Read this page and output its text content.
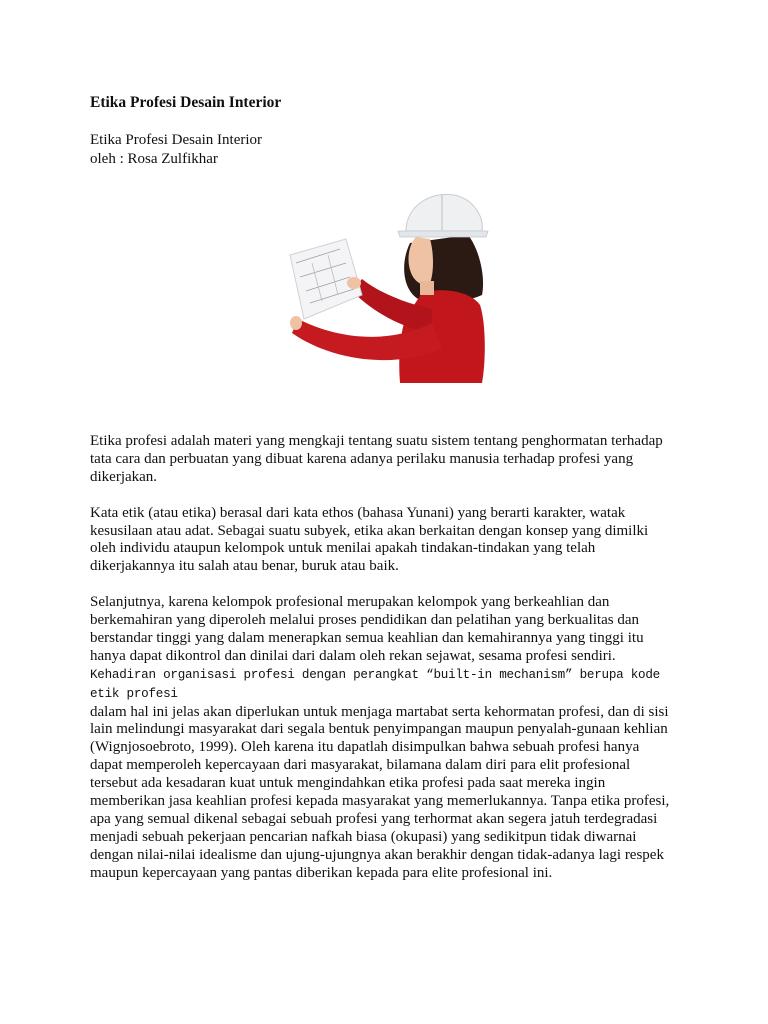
Etika Profesi Desain Interior
Etika Profesi Desain Interior
oleh : Rosa Zulfikhar

Etika profesi adalah materi yang mengkaji tentang suatu sistem tentang penghormatan terhadap
tata cara dan perbuatan yang dibuat karena adanya perilaku manusia terhadap profesi yang
dikerjakan.

Kata etik (atau etika) berasal dari kata ethos (bahasa Yunani) yang berarti karakter, watak
kesusilaan atau adat. Sebagai suatu subyek, etika akan berkaitan dengan konsep yang dimilki
oleh individu ataupun kelompok untuk menilai apakah tindakan-tindakan yang telah
dikerjakannya itu salah atau benar, buruk atau baik.

Selanjutnya, karena kelompok profesional merupakan kelompok yang berkeahlian dan
berkemahiran yang diperoleh melalui proses pendidikan dan pelatihan yang berkualitas dan
berstandar tinggi yang dalam menerapkan semua keahlian dan kemahirannya yang tinggi itu
hanya dapat dikontrol dan dinilai dari dalam oleh rekan sejawat, sesama profesi sendiri.
Kehadiran organisasi profesi dengan perangkat “built-in mechanism” berupa kode etik profesi
dalam hal ini jelas akan diperlukan untuk menjaga martabat serta kehormatan profesi, dan di sisi
lain melindungi masyarakat dari segala bentuk penyimpangan maupun penyalah-gunaan kehlian
(Wignjosoebroto, 1999). Oleh karena itu dapatlah disimpulkan bahwa sebuah profesi hanya
dapat memperoleh kepercayaan dari masyarakat, bilamana dalam diri para elit profesional
tersebut ada kesadaran kuat untuk mengindahkan etika profesi pada saat mereka ingin
memberikan jasa keahlian profesi kepada masyarakat yang memerlukannya. Tanpa etika profesi,
apa yang semual dikenal sebagai sebuah profesi yang terhormat akan segera jatuh terdegradasi
menjadi sebuah pekerjaan pencarian nafkah biasa (okupasi) yang sedikitpun tidak diwarnai
dengan nilai-nilai idealisme dan ujung-ujungnya akan berakhir dengan tidak-adanya lagi respek
maupun kepercayaan yang pantas diberikan kepada para elite profesional ini.
